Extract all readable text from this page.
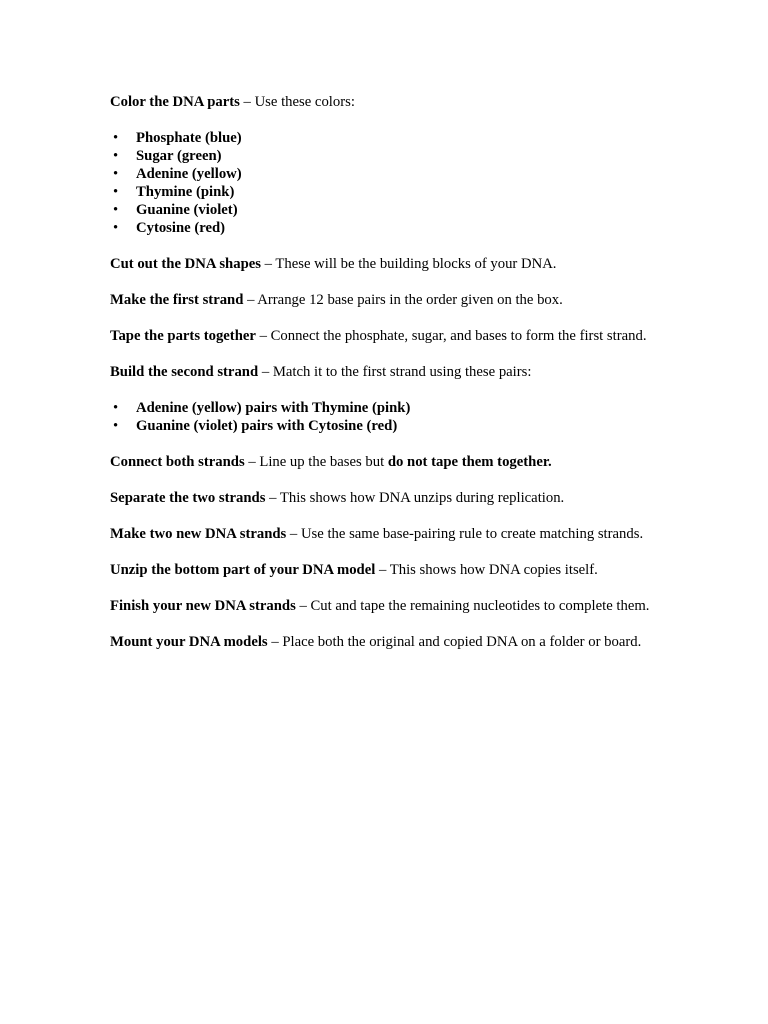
Color the DNA parts – Use these colors:

• Phosphate (blue)
• Sugar (green)
• Adenine (yellow)
• Thymine (pink)
• Guanine (violet)
• Cytosine (red)

Cut out the DNA shapes – These will be the building blocks of your DNA.

Make the first strand – Arrange 12 base pairs in the order given on the box.

Tape the parts together – Connect the phosphate, sugar, and bases to form the first strand.

Build the second strand – Match it to the first strand using these pairs:

• Adenine (yellow) pairs with Thymine (pink)
• Guanine (violet) pairs with Cytosine (red)

Connect both strands – Line up the bases but do not tape them together.

Separate the two strands – This shows how DNA unzips during replication.

Make two new DNA strands – Use the same base-pairing rule to create matching strands.

Unzip the bottom part of your DNA model – This shows how DNA copies itself.

Finish your new DNA strands – Cut and tape the remaining nucleotides to complete them.

Mount your DNA models – Place both the original and copied DNA on a folder or board.
